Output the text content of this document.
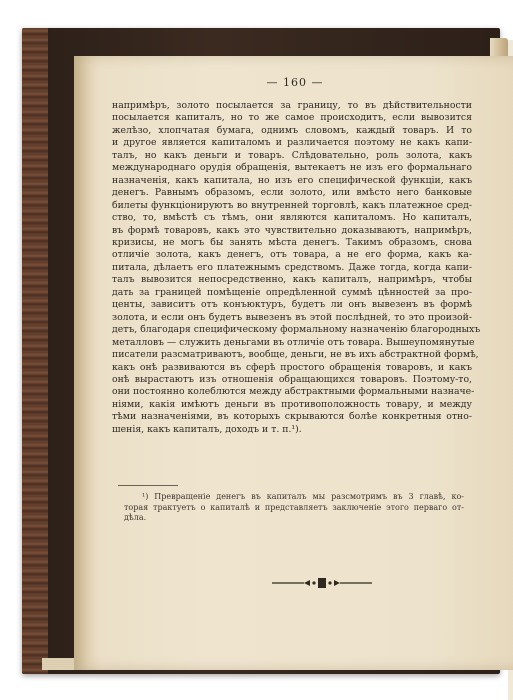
— 160 —
напримѣръ, золото посылается за границу, то въ дѣйствительности
посылается капиталъ, но то же самое происходитъ, если вывозится
желѣзо, хлопчатая бумага, однимъ словомъ, каждый товаръ. И то
и другое является капиталомъ и различается поэтому не какъ капи-
талъ, но какъ деньги и товаръ. Слѣдовательно, роль золота, какъ
международнаго орудія обращенія, вытекаетъ не изъ его формальнаго
назначенія, какъ капитала, но изъ его специфической функціи, какъ
денегъ. Равнымъ образомъ, если золото, или вмѣсто него банковые
билеты функціонируютъ во внутренней торговлѣ, какъ платежное сред-
ство, то, вмѣстѣ съ тѣмъ, они являются капиталомъ. Но капиталъ,
въ формѣ товаровъ, какъ это чувствительно доказываютъ, напримѣръ,
кризисы, не могъ бы занять мѣста денегъ. Такимъ образомъ, снова
отличіе золота, какъ денегъ, отъ товара, а не его форма, какъ ка-
питала, дѣлаетъ его платежнымъ средствомъ. Даже тогда, когда капи-
талъ вывозится непосредственно, какъ капиталъ, напримѣръ, чтобы
дать за границей помѣщеніе опредѣленной суммѣ цѣнностей за про-
центы, зависитъ отъ конъюктуръ, будетъ ли онъ вывезенъ въ формѣ
золота, и если онъ будетъ вывезенъ въ этой послѣдней, то это произой-
детъ, благодаря специфическому формальному назначенію благородныхъ
металловъ — служить деньгами въ отличіе отъ товара. Вышеупомянутые
писатели разсматриваютъ, вообще, деньги, не въ ихъ абстрактной формѣ,
какъ онѣ развиваются въ сферѣ простого обращенія товаровъ, и какъ
онѣ вырастаютъ изъ отношенія обращающихся товаровъ. Поэтому-то,
они постоянно колеблются между абстрактными формальными назначе-
ніями, какія имѣютъ деньги въ противоположность товару, и между
тѣми назначеніями, въ которыхъ скрываются болѣе конкретныя отно-
шенія, какъ капиталъ, доходъ и т. п.¹).
¹) Превращеніе денегъ въ капиталъ мы разсмотримъ въ 3 главѣ, ко-
торая трактуетъ о капиталѣ и представляетъ заключеніе этого перваго от-
дѣла.
